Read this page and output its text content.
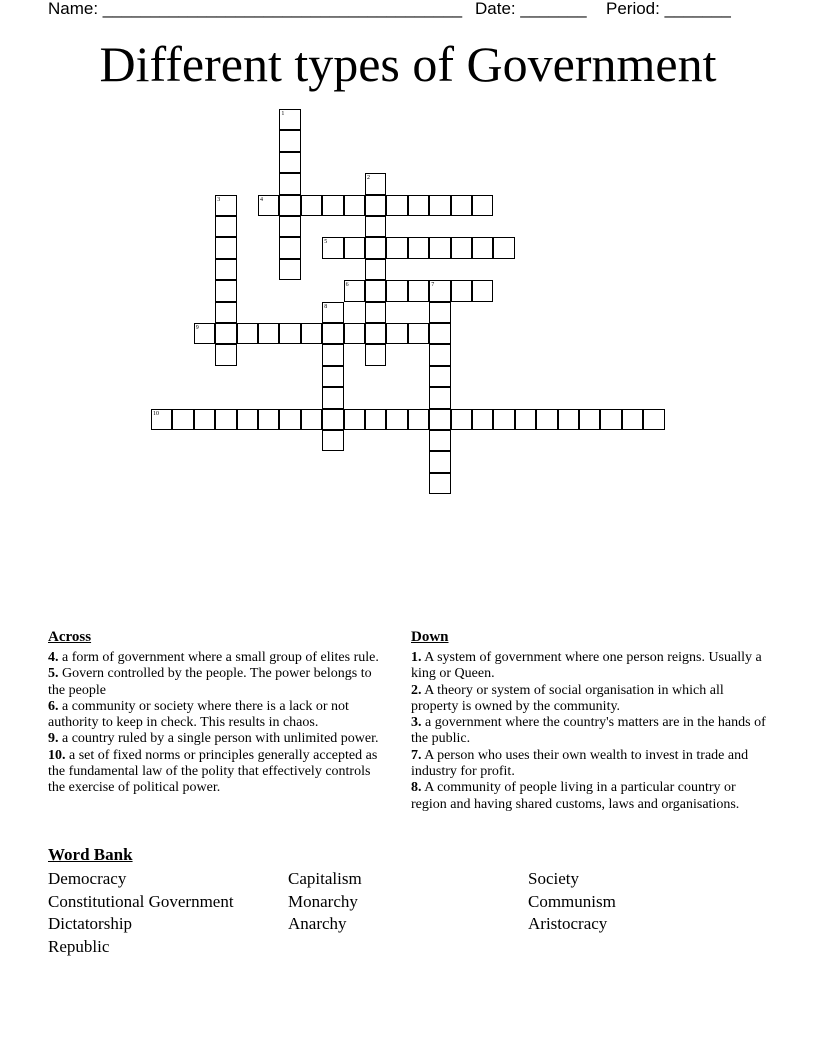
Name: ______________________________________ Date: _______ Period: _______
Different types of Government
1
2
3	4
5
6	7
8
9
10
Across
4. a form of government where a small group of elites rule.
5. Govern controlled by the people. The power belongs to the people
6. a community or society where there is a lack or not authority to keep in check. This results in chaos.
9. a country ruled by a single person with unlimited power.
10. a set of fixed norms or principles generally accepted as the fundamental law of the polity that effectively controls the exercise of political power.
Down
1. A system of government where one person reigns. Usually a king or Queen.
2. A theory or system of social organisation in which all property is owned by the community.
3. a government where the country's matters are in the hands of the public.
7. A person who uses their own wealth to invest in trade and industry for profit.
8. A community of people living in a particular country or region and having shared customs, laws and organisations.
Word Bank
Democracy	Capitalism	Society
Constitutional Government	Monarchy	Communism
Dictatorship	Anarchy	Aristocracy
Republic
